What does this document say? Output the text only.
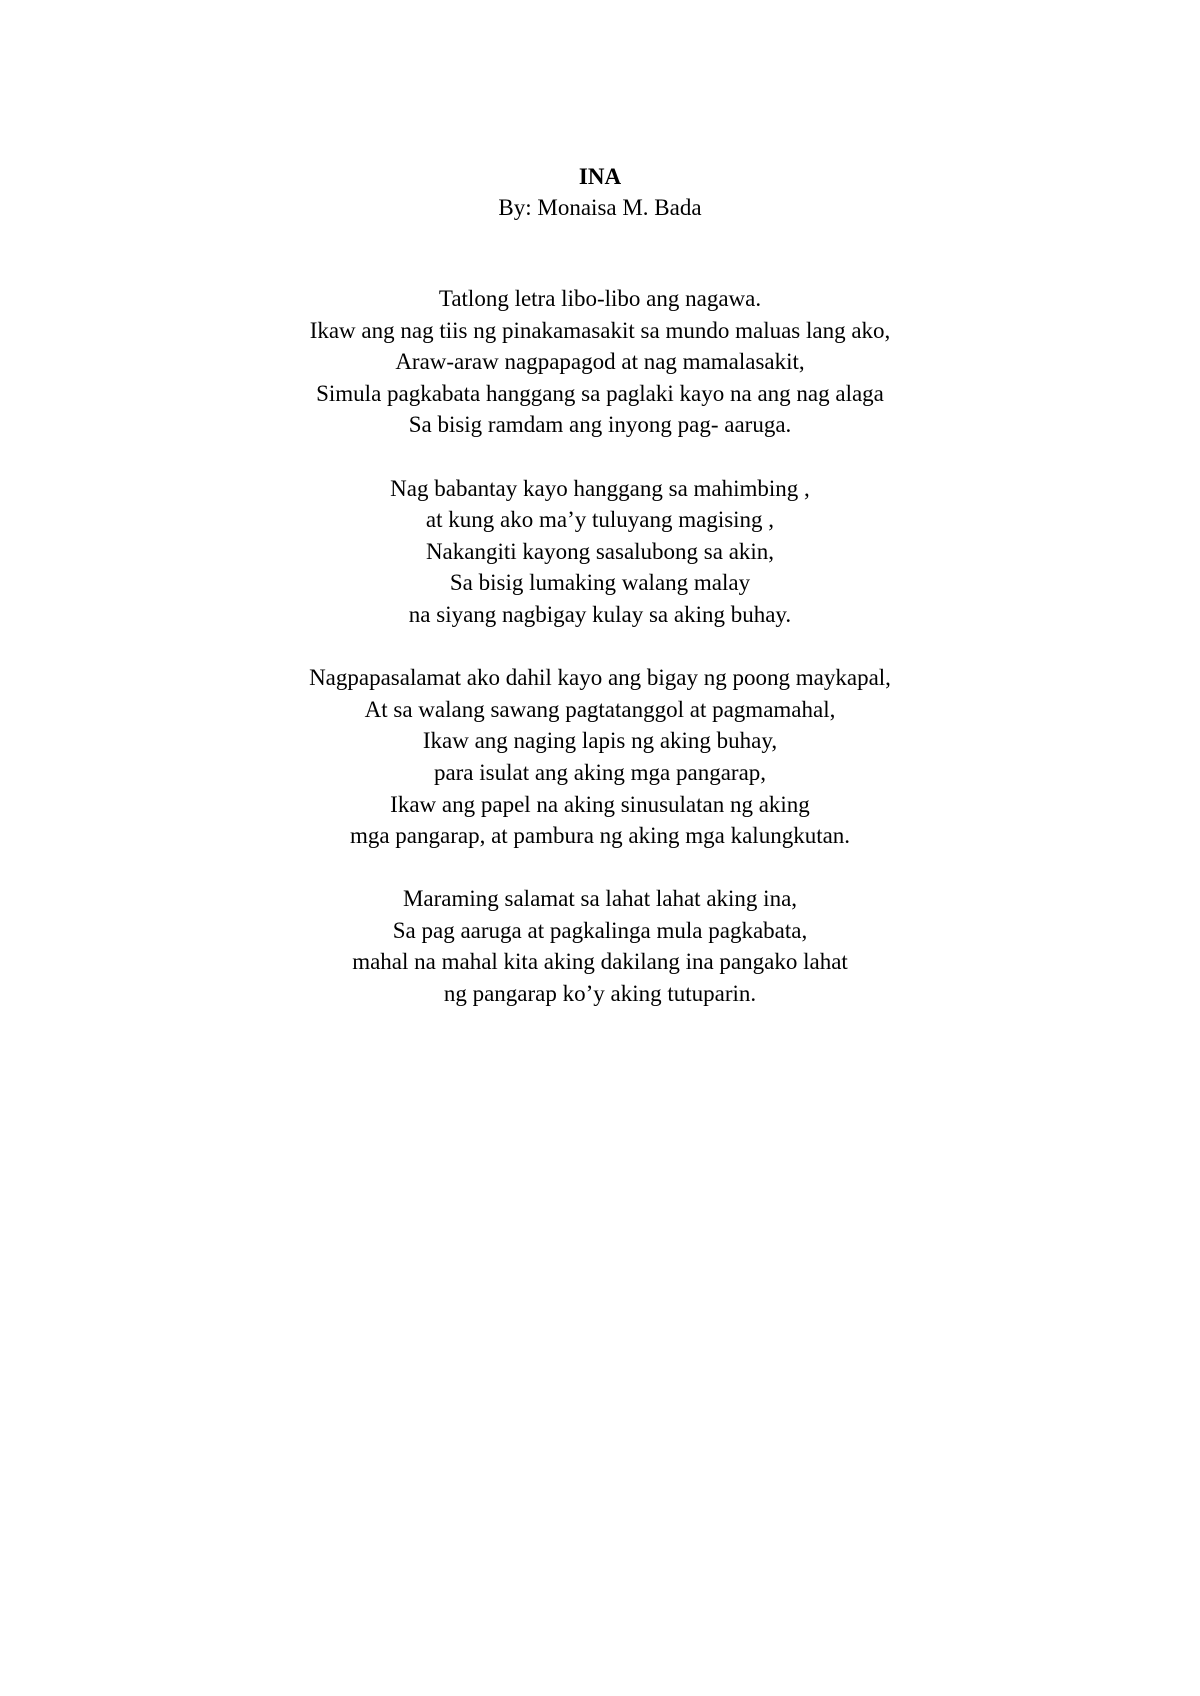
INA

By: Monaisa M. Bada

Tatlong letra libo-libo ang nagawa.
Ikaw ang nag tiis ng pinakamasakit sa mundo maluas lang ako,
Araw-araw nagpapagod at nag mamalasakit,
Simula pagkabata hanggang sa paglaki kayo na ang nag alaga
Sa bisig ramdam ang inyong pag- aaruga.

Nag babantay kayo hanggang sa mahimbing ,
at kung ako ma’y tuluyang magising ,
Nakangiti kayong sasalubong sa akin,
Sa bisig lumaking walang malay
na siyang nagbigay kulay sa aking buhay.

Nagpapasalamat ako dahil kayo ang bigay ng poong maykapal,
At sa walang sawang pagtatanggol at pagmamahal,
Ikaw ang naging lapis ng aking buhay,
para isulat ang aking mga pangarap,
Ikaw ang papel na aking sinusulatan ng aking
mga pangarap, at pambura ng aking mga kalungkutan.

Maraming salamat sa lahat lahat aking ina,
Sa pag aaruga at pagkalinga mula pagkabata,
mahal na mahal kita aking dakilang ina pangako lahat
ng pangarap ko’y aking tutuparin.
